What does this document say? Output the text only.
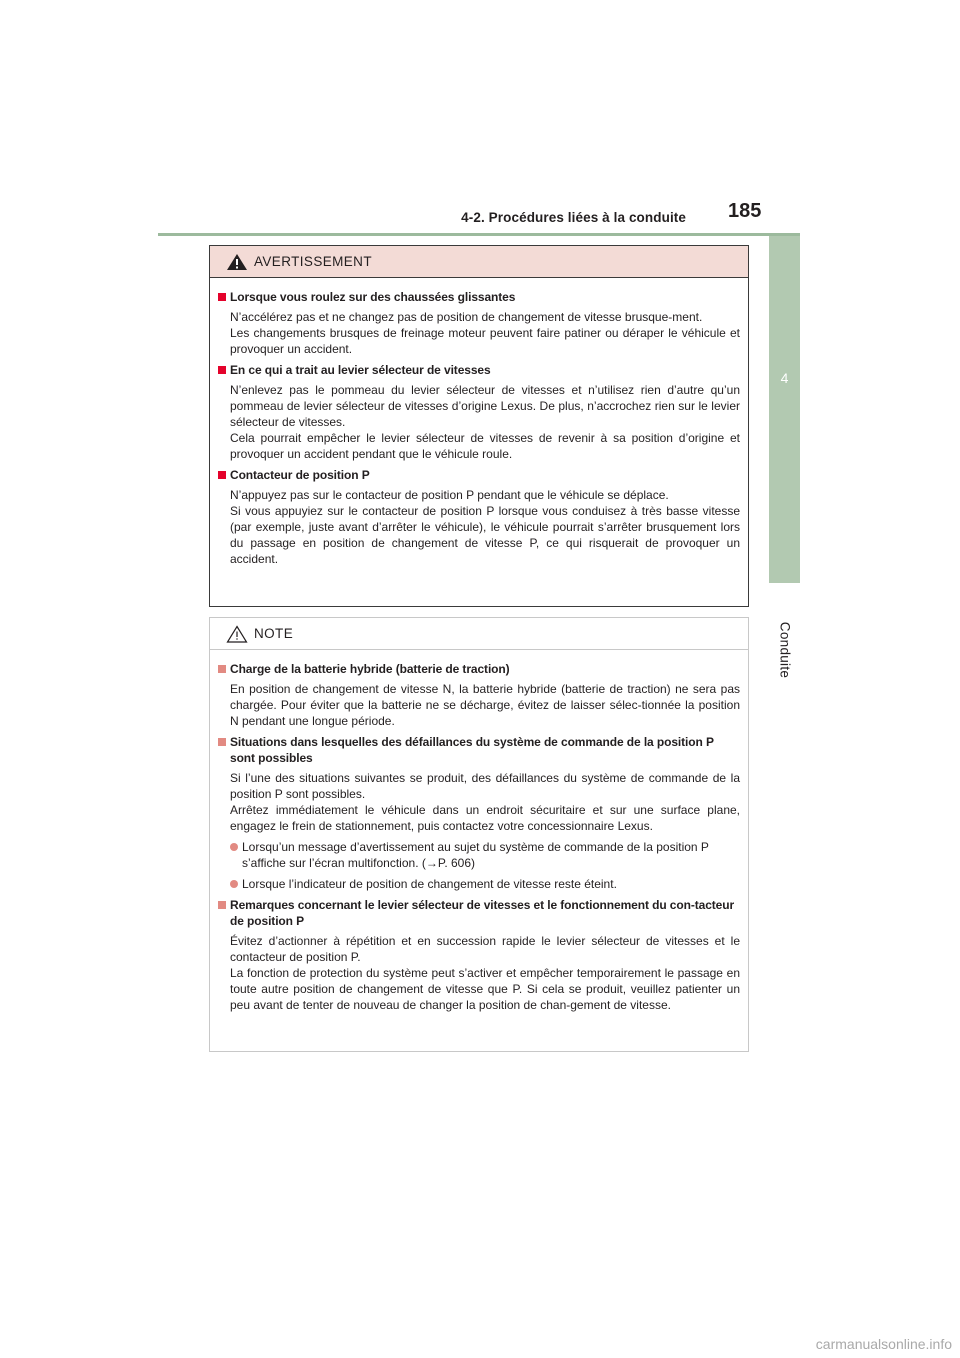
4-2. Procédures liées à la conduite 185
4
Conduite
AVERTISSEMENT
Lorsque vous roulez sur des chaussées glissantes
N’accélérez pas et ne changez pas de position de changement de vitesse brusque-ment.
Les changements brusques de freinage moteur peuvent faire patiner ou déraper le véhicule et provoquer un accident.
En ce qui a trait au levier sélecteur de vitesses
N’enlevez pas le pommeau du levier sélecteur de vitesses et n’utilisez rien d’autre qu’un pommeau de levier sélecteur de vitesses d’origine Lexus. De plus, n’accrochez rien sur le levier sélecteur de vitesses.
Cela pourrait empêcher le levier sélecteur de vitesses de revenir à sa position d’origine et provoquer un accident pendant que le véhicule roule.
Contacteur de position P
N’appuyez pas sur le contacteur de position P pendant que le véhicule se déplace.
Si vous appuyiez sur le contacteur de position P lorsque vous conduisez à très basse vitesse (par exemple, juste avant d’arrêter le véhicule), le véhicule pourrait s’arrêter brusquement lors du passage en position de changement de vitesse P, ce qui risquerait de provoquer un accident.
NOTE
Charge de la batterie hybride (batterie de traction)
En position de changement de vitesse N, la batterie hybride (batterie de traction) ne sera pas chargée. Pour éviter que la batterie ne se décharge, évitez de laisser sélec-tionnée la position N pendant une longue période.
Situations dans lesquelles des défaillances du système de commande de la position P sont possibles
Si l’une des situations suivantes se produit, des défaillances du système de commande de la position P sont possibles.
Arrêtez immédiatement le véhicule dans un endroit sécuritaire et sur une surface plane, engagez le frein de stationnement, puis contactez votre concessionnaire Lexus.
Lorsqu’un message d’avertissement au sujet du système de commande de la position P s’affiche sur l’écran multifonction. (→P. 606)
Lorsque l’indicateur de position de changement de vitesse reste éteint.
Remarques concernant le levier sélecteur de vitesses et le fonctionnement du con-tacteur de position P
Évitez d’actionner à répétition et en succession rapide le levier sélecteur de vitesses et le contacteur de position P.
La fonction de protection du système peut s’activer et empêcher temporairement le passage en toute autre position de changement de vitesse que P. Si cela se produit, veuillez patienter un peu avant de tenter de nouveau de changer la position de chan-gement de vitesse.
carmanualsonline.info
